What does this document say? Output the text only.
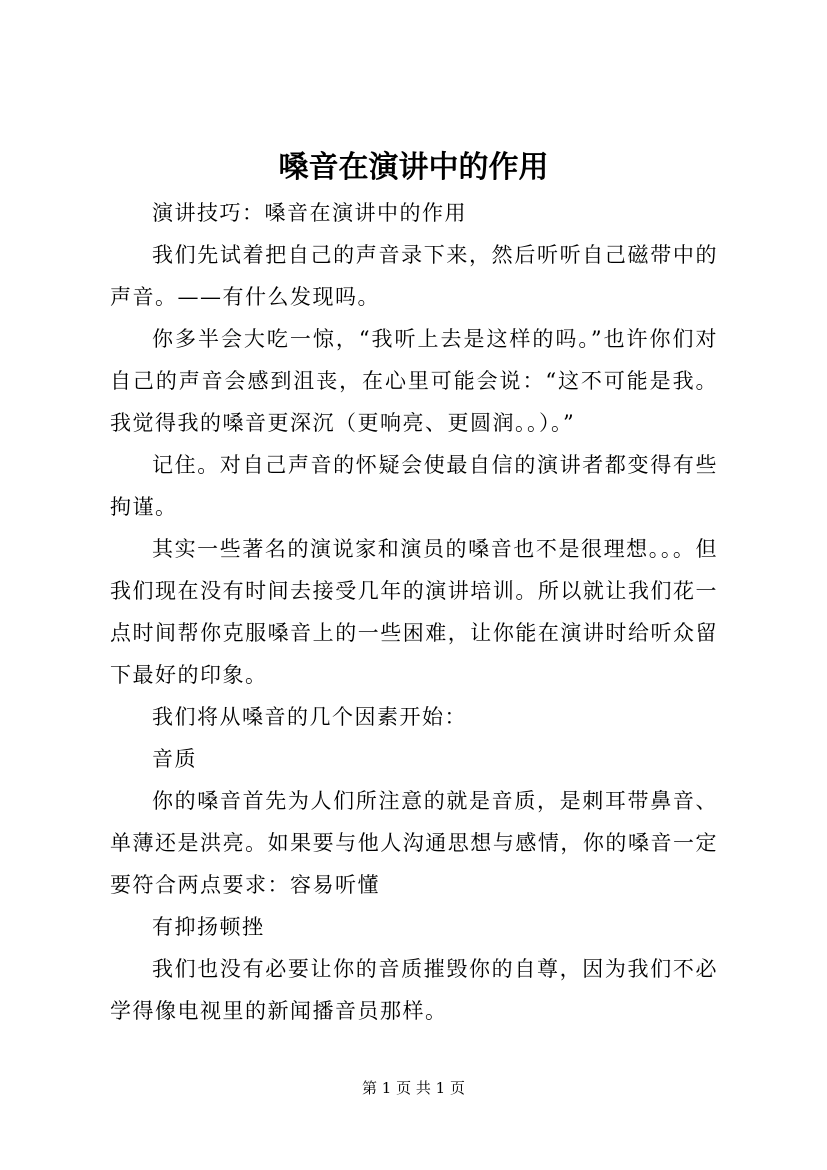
嗓音在演讲中的作用

演讲技巧：嗓音在演讲中的作用

我们先试着把自己的声音录下来，然后听听自己磁带中的声音。——有什么发现吗。

你多半会大吃一惊，“我听上去是这样的吗。”也许你们对自己的声音会感到沮丧，在心里可能会说：“这不可能是我。我觉得我的嗓音更深沉（更响亮、更圆润。。）。”

记住。对自己声音的怀疑会使最自信的演讲者都变得有些拘谨。

其实一些著名的演说家和演员的嗓音也不是很理想。。。但我们现在没有时间去接受几年的演讲培训。所以就让我们花一点时间帮你克服嗓音上的一些困难，让你能在演讲时给听众留下最好的印象。

我们将从嗓音的几个因素开始：

音质

你的嗓音首先为人们所注意的就是音质，是刺耳带鼻音、单薄还是洪亮。如果要与他人沟通思想与感情，你的嗓音一定要符合两点要求：容易听懂

有抑扬顿挫

我们也没有必要让你的音质摧毁你的自尊，因为我们不必学得像电视里的新闻播音员那样。

第 1 页 共 1 页
